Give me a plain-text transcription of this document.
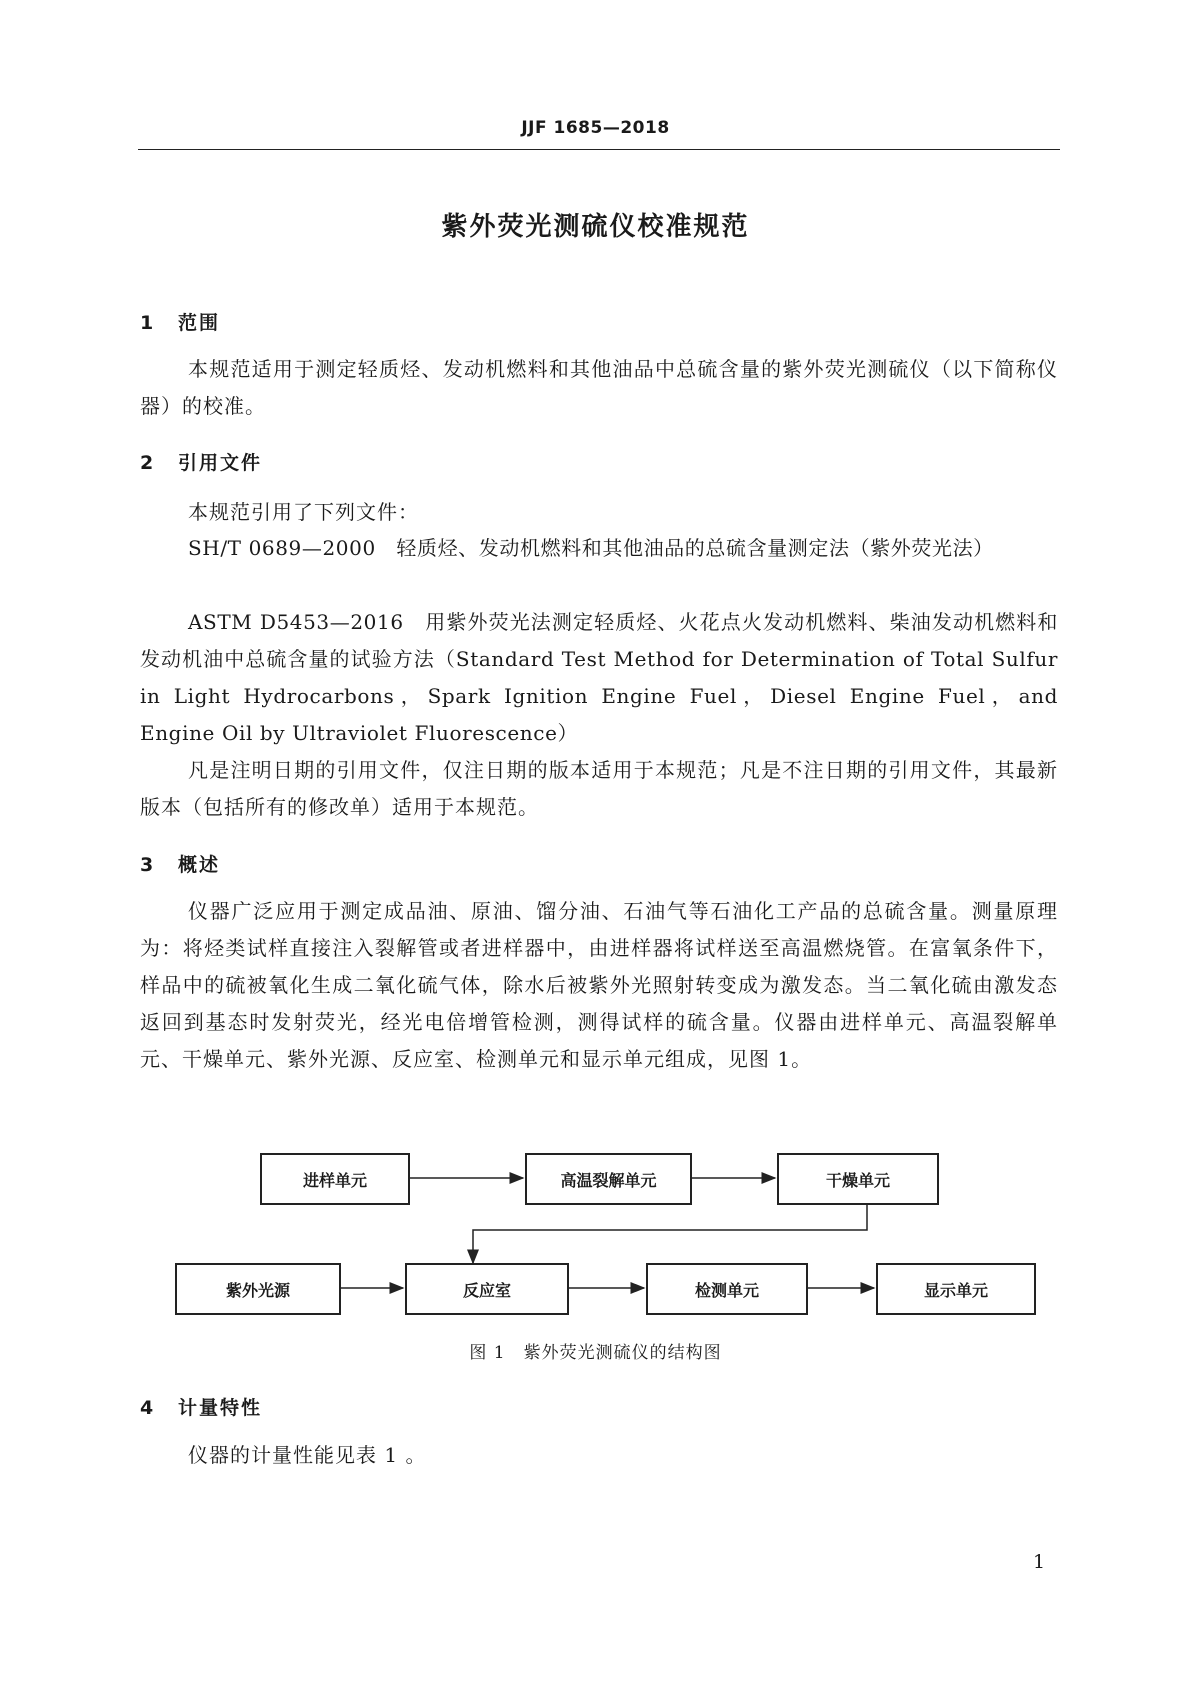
JJF 1685—2018
紫外荧光测硫仪校准规范
1 范围

本规范适用于测定轻质烃、发动机燃料和其他油品中总硫含量的紫外荧光测硫仪（以下简称仪器）的校准。

2 引用文件

本规范引用了下列文件：

SH/T 0689—2000　轻质烃、发动机燃料和其他油品的总硫含量测定法（紫外荧光法）

ASTM D5453—2016　用紫外荧光法测定轻质烃、火花点火发动机燃料、柴油发动机燃料和发动机油中总硫含量的试验方法（Standard Test Method for Determination of Total Sulfur in Light Hydrocarbons，Spark Ignition Engine Fuel，Diesel Engine Fuel，and Engine Oil by Ultraviolet Fluorescence）

凡是注明日期的引用文件，仅注日期的版本适用于本规范；凡是不注日期的引用文件，其最新版本（包括所有的修改单）适用于本规范。

3 概述

仪器广泛应用于测定成品油、原油、馏分油、石油气等石油化工产品的总硫含量。测量原理为：将烃类试样直接注入裂解管或者进样器中，由进样器将试样送至高温燃烧管。在富氧条件下，样品中的硫被氧化生成二氧化硫气体，除水后被紫外光照射转变成为激发态。当二氧化硫由激发态返回到基态时发射荧光，经光电倍增管检测，测得试样的硫含量。仪器由进样单元、高温裂解单元、干燥单元、紫外光源、反应室、检测单元和显示单元组成，见图 1。

进样单元	高温裂解单元	干燥单元
紫外光源	反应室	检测单元	显示单元
图 1　紫外荧光测硫仪的结构图
4 计量特性

仪器的计量性能见表 1 。

1
